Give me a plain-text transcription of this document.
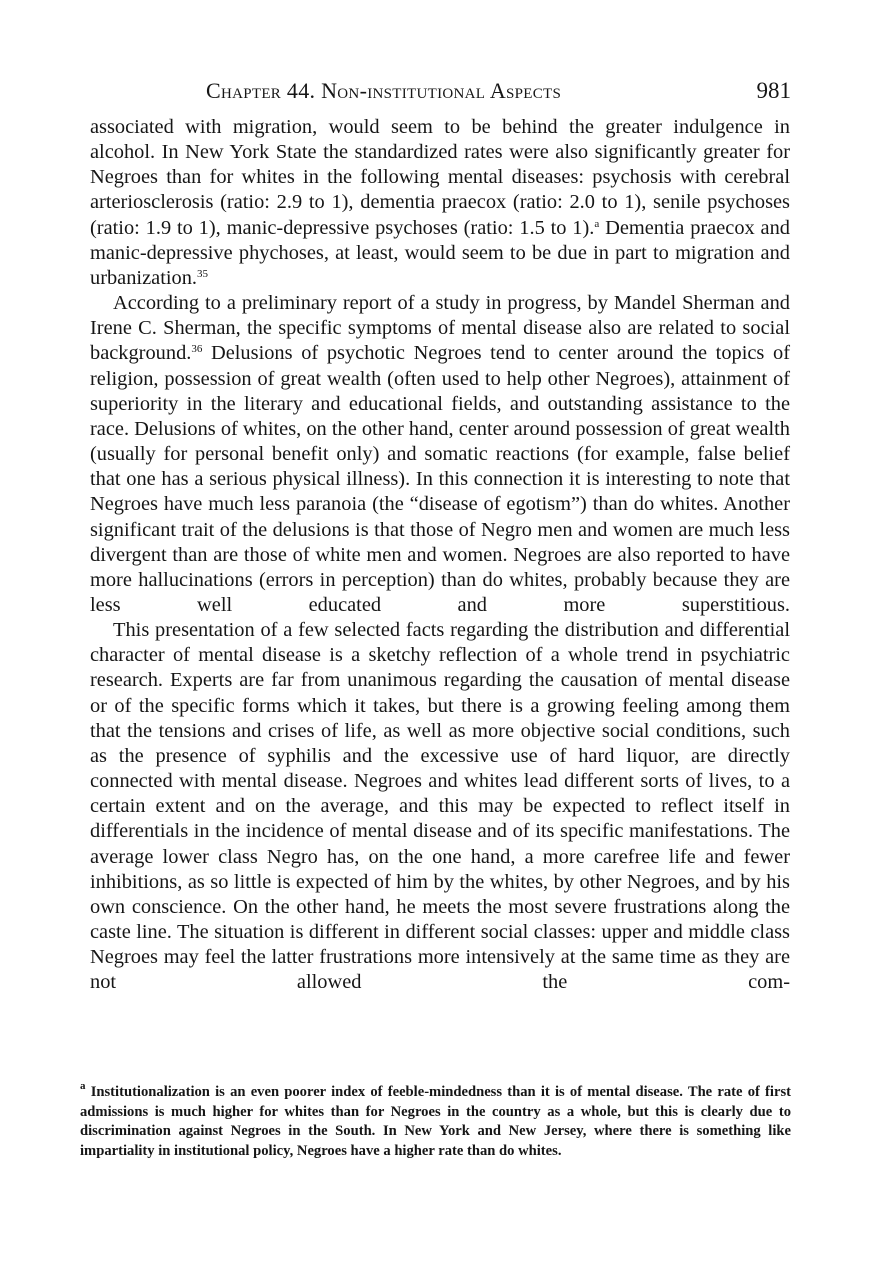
Chapter 44. Non-institutional Aspects	981

associated with migration, would seem to be behind the greater indulgence in alcohol. In New York State the standardized rates were also significantly greater for Negroes than for whites in the following mental diseases: psychosis with cerebral arteriosclerosis (ratio: 2.9 to 1), dementia praecox (ratio: 2.0 to 1), senile psychoses (ratio: 1.9 to 1), manic-depressive psychoses (ratio: 1.5 to 1).$^a$ Dementia praecox and manic-depressive phychoses, at least, would seem to be due in part to migration and urbanization.$^{35}$

According to a preliminary report of a study in progress, by Mandel Sherman and Irene C. Sherman, the specific symptoms of mental disease also are related to social background.$^{36}$ Delusions of psychotic Negroes tend to center around the topics of religion, possession of great wealth (often used to help other Negroes), attainment of superiority in the literary and educational fields, and outstanding assistance to the race. Delusions of whites, on the other hand, center around possession of great wealth (usually for personal benefit only) and somatic reactions (for example, false belief that one has a serious physical illness). In this connection it is interesting to note that Negroes have much less paranoia (the “disease of egotism”) than do whites. Another significant trait of the delusions is that those of Negro men and women are much less divergent than are those of white men and women. Negroes are also reported to have more hallucinations (errors in perception) than do whites, probably because they are less well educated and more superstitious.

This presentation of a few selected facts regarding the distribution and differential character of mental disease is a sketchy reflection of a whole trend in psychiatric research. Experts are far from unanimous regarding the causation of mental disease or of the specific forms which it takes, but there is a growing feeling among them that the tensions and crises of life, as well as more objective social conditions, such as the presence of syphilis and the excessive use of hard liquor, are directly connected with mental disease. Negroes and whites lead different sorts of lives, to a certain extent and on the average, and this may be expected to reflect itself in differentials in the incidence of mental disease and of its specific manifestations. The average lower class Negro has, on the one hand, a more carefree life and fewer inhibitions, as so little is expected of him by the whites, by other Negroes, and by his own conscience. On the other hand, he meets the most severe frustrations along the caste line. The situation is different in different social classes: upper and middle class Negroes may feel the latter frustrations more intensively at the same time as they are not allowed the com-

$^a$ Institutionalization is an even poorer index of feeble-mindedness than it is of mental disease. The rate of first admissions is much higher for whites than for Negroes in the country as a whole, but this is clearly due to discrimination against Negroes in the South. In New York and New Jersey, where there is something like impartiality in institutional policy, Negroes have a higher rate than do whites.
